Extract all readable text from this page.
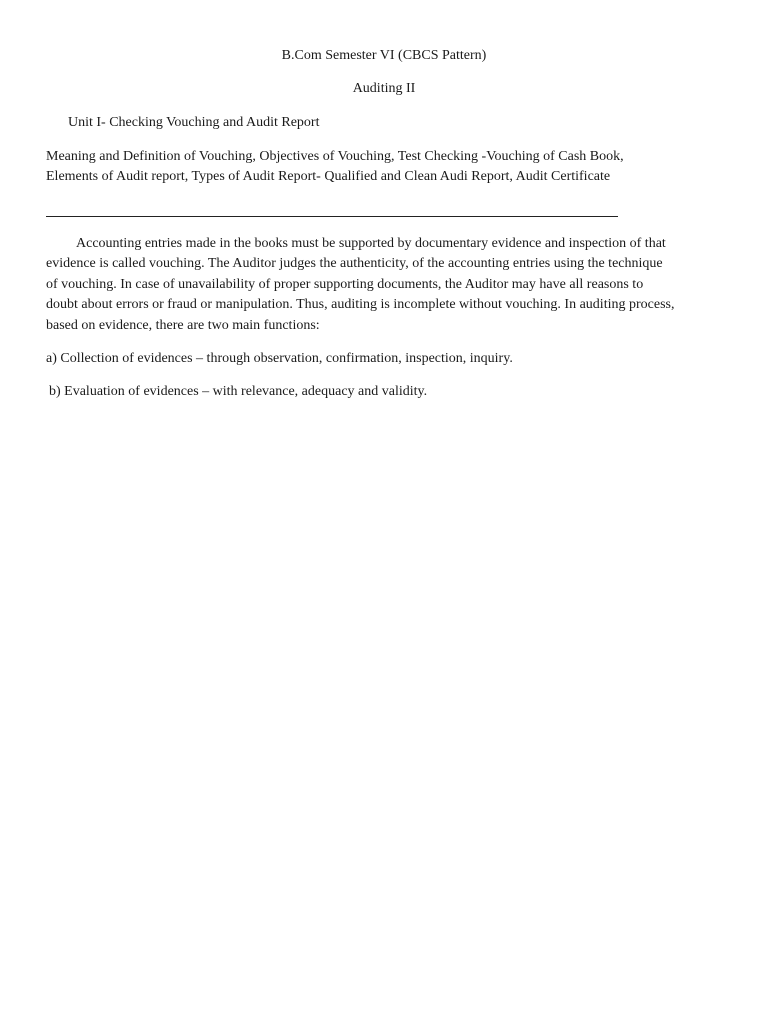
B.Com Semester VI (CBCS Pattern)
Auditing II
Unit I- Checking Vouching and Audit Report
Meaning and Definition of Vouching, Objectives of Vouching, Test Checking -Vouching of Cash Book,
Elements of Audit report, Types of Audit Report- Qualified and Clean Audi Report, Audit Certificate
Accounting entries made in the books must be supported by documentary evidence and inspection of that
evidence is called vouching. The Auditor judges the authenticity, of the accounting entries using the technique
of vouching. In case of unavailability of proper supporting documents, the Auditor may have all reasons to
doubt about errors or fraud or manipulation. Thus, auditing is incomplete without vouching. In auditing process,
based on evidence, there are two main functions:
a) Collection of evidences – through observation, confirmation, inspection, inquiry.
b) Evaluation of evidences – with relevance, adequacy and validity.
